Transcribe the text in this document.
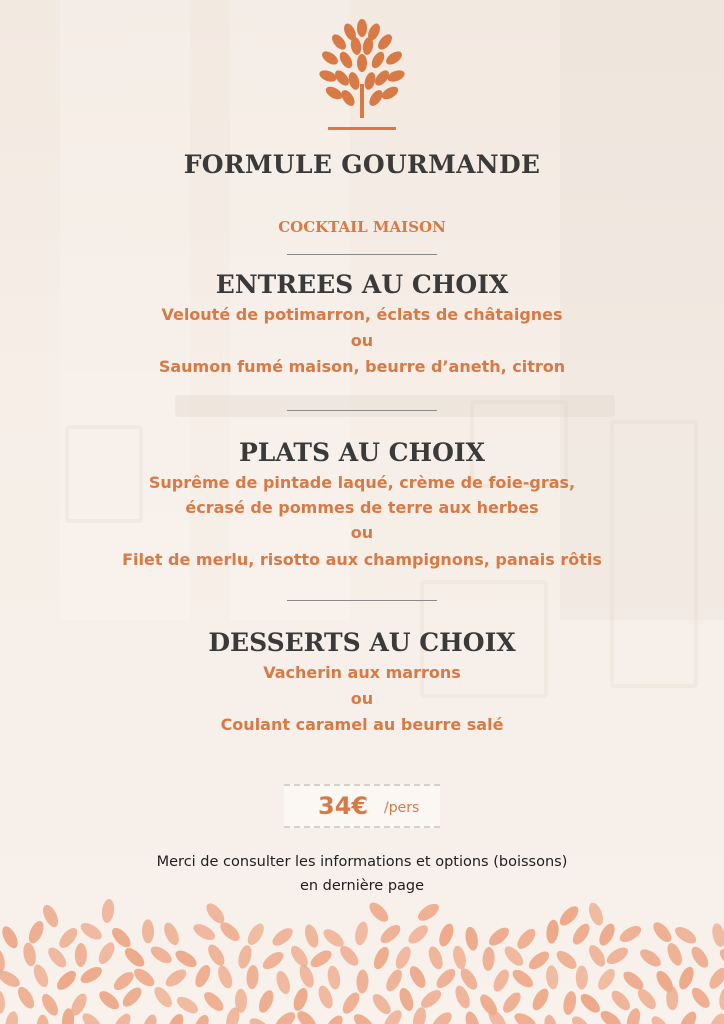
FORMULE GOURMANDE
COCKTAIL MAISON
ENTREES AU CHOIX
Velouté de potimarron, éclats de châtaignes
ou
Saumon fumé maison, beurre d’aneth, citron
PLATS AU CHOIX
Suprême de pintade laqué, crème de foie-gras,
écrasé de pommes de terre aux herbes
ou
Filet de merlu, risotto aux champignons, panais rôtis
DESSERTS AU CHOIX
Vacherin aux marrons
ou
Coulant caramel au beurre salé
34€ /pers
Merci de consulter les informations et options (boissons)
en dernière page
